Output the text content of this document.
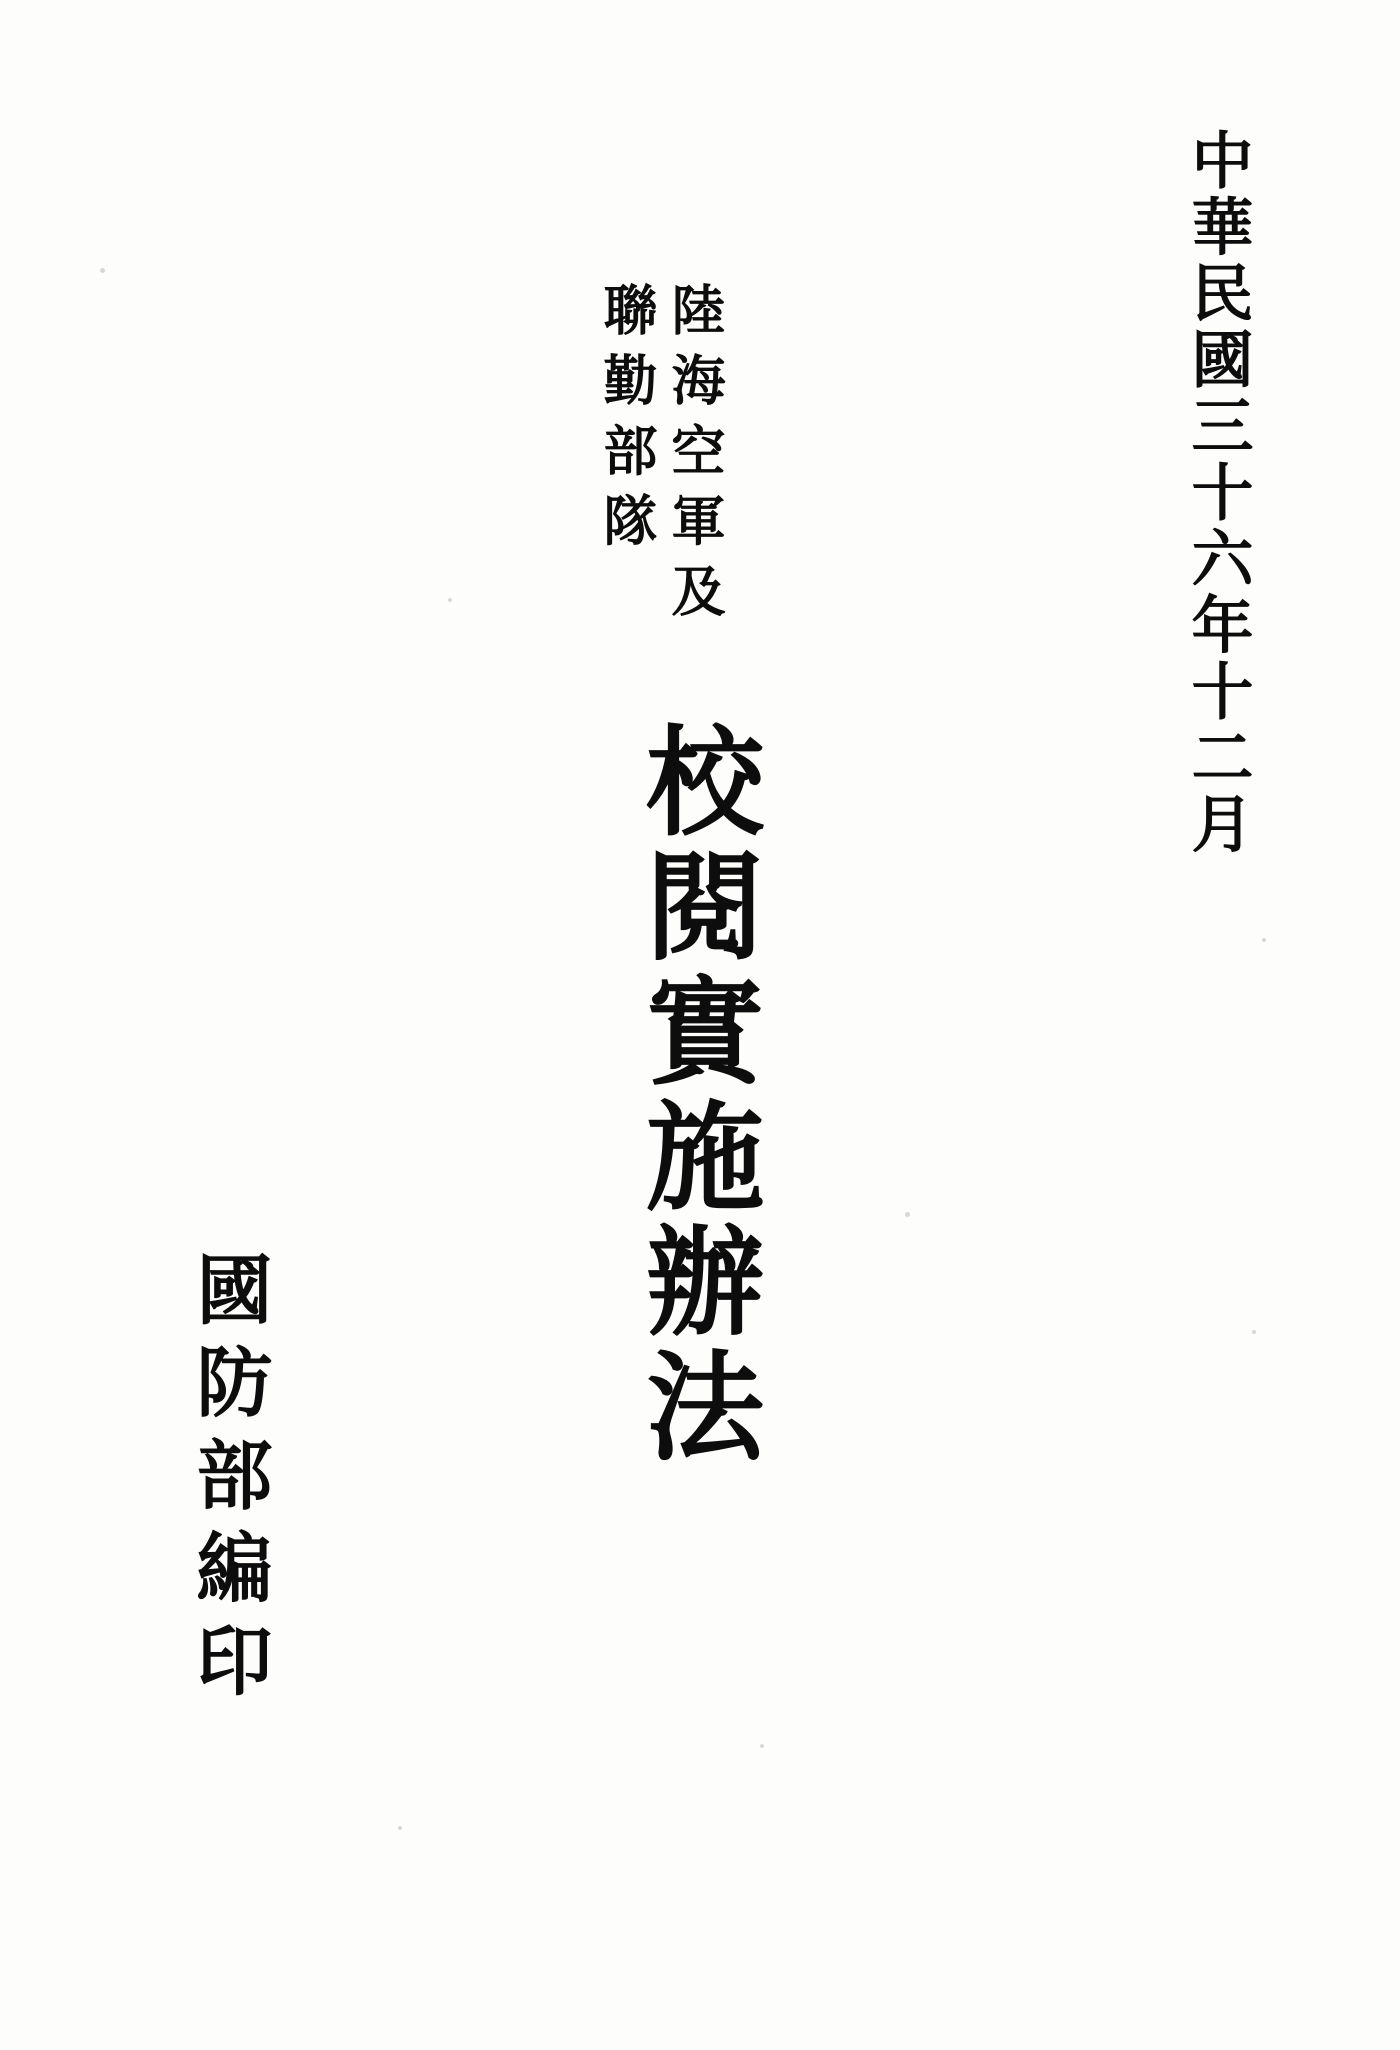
中華民國三十六年十二月
陸海空軍及
聯勤部隊
校閱實施辦法
國防部編印
